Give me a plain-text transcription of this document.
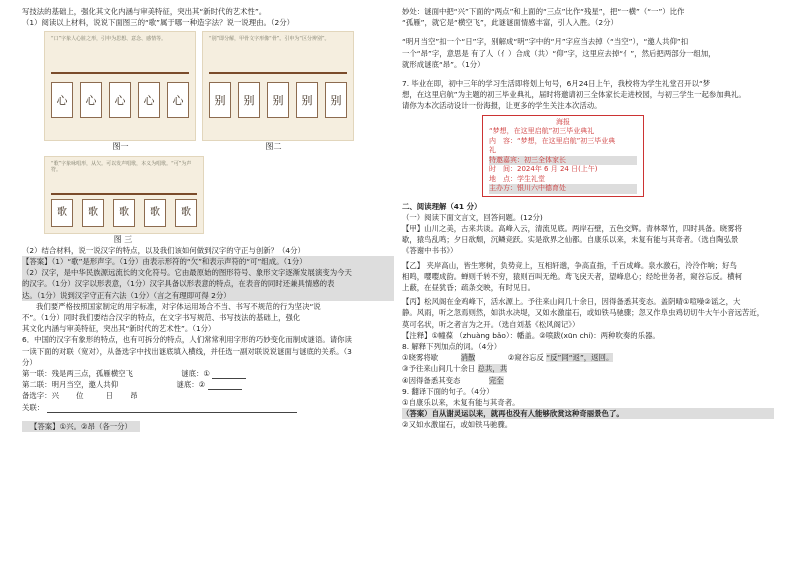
写技法的基础上，强化其文化内涵与审美特征，突出其“新时代的艺术性”。

（1）阅读以上材料，说说下面图三的“歌”属于哪一种造字法？说一说理由。（2分）

“口”字象人心脏之形，引申为思想、意念、感情等。
心	心	心	心	心
“别”即分解，甲骨文字形像“骨”。引申为“区分辨别”。
别	别	别	别	别
图一	图二
“歌”字象咏唱形，从欠。可以发声唱歌，本义为唱歌。“可”为声符。
歌	歌	歌	歌	歌
图 三

（2）结合材料，说一说汉字的特点，以及我们该如何做到汉字的守正与创新？（4分）

【答案】（1）“歌”是形声字。（1分）由表示形符的“欠”和表示声符的“可”组成。（1分）

（2）汉字，是中华民族源远流长的文化符号。它由最原始的图形符号、象形文字逐渐发展演变为今天

的汉字。（1分）汉字以形表意，（1分）汉字具备以形表意的特点，在表音的同时还兼具情感的表

达。（1分）说到汉字守正有六法（1分）（言之有理即可得 2分）

我们要严格按照国家制定的用字标准，对字体运用场合不当、书写不规范的行为坚决“说

不”。（1分）同时我们要结合汉字的特点，在文字书写规范、书写技法的基础上，强化

其文化内涵与审美特征，突出其“新时代的艺术性”。（1分）

6．中国的汉字有象形的特点，也有可拆分的特点，人们常常利用字形的巧妙变化而制成谜语。请你读

一读下面的对联（宽对），从备选字中找出谜底填入横线，并任选一副对联说说谜面与谜底的关系。（3

分）

第一联：残是两三点，孤雁横空飞	谜底：①

第二联：明月当空，邀人共仰	谜底：②

备选字：兴　　 位　　　日　　 昂

关联：

【答案】①兴。②昂（各一分）

妙处：谜面中把“兴”下面的“两点”和上面的“三点”比作“残星”，把“一横”（“一”）比作

“孤雁”，就它是“横空飞”，此谜谜面情感丰富，引人入胜。（2分）

“明月当空”扣一个“日”字，别解成“明”字中的“月”字应当去掉（“当空”），“邀人共仰”扣

一个“昂”字，意思是 有了人（亻）合成（共）“仰”字，这里应去掉“亻”，然后把两部分一组加，

就形成谜底“昂”。（1分）

7. 毕业在即，初中三年的学习生活即将划上句号，6月24日上午，我校将为学生礼堂召开以“梦

想，在这里启航”为主题的初三毕业典礼，届时将邀请初三全体家长走进校园，与初三学生一起参加典礼。

请你为本次活动设计一份海报，让更多的学生关注本次活动。

海报
“梦想，在这里启航”初三毕业典礼
内　容：“梦想，在这里启航”初三毕业典
礼
特邀嘉宾：初三全体家长
时　间：2024年 6 月 24 日(上午)
地　点：学生礼堂
主办方：银川六中德育处

二、阅读理解（41 分）

（一）阅读下面文言文，回答问题。(12分)

【甲】山川之美，古来共谈。高峰入云，清流见底。两岸石壁，五色交辉。青林翠竹，四时具备。晓雾将

歇，猿鸟乱鸣；夕日欲颓，沉鳞竞跃。实是欲界之仙都。自康乐以来，未复有能与其奇者。（选自陶弘景

《答谢中书书》）

【乙】 夹岸高山，皆生寒树，负势竞上，互相轩邈，争高直指，千百成峰。泉水激石，泠泠作响；好鸟

相鸣，嘤嘤成韵。蝉则千转不穷，猿则百叫无绝。鸢飞戾天者，望峰息心；经纶世务者，窥谷忘反。横柯

上蔽，在昼犹昏；疏条交映，有时见日。

【丙】松风阁在金鸡峰下，活水源上。予往来山间几十余日，因得备悉其变态。盖阴晴①喧噪②谣之，大

静。风雨，听之忽焉则然，如洪水决堤，又如水激崖石，或如铁马驰骤；忽又作阜虫鸡切切牛大午小音远苦近，

莫可名状，听之者言为之开。（选自刘基《松风阁记》）

【注释】①幢葆 （zhuàng bǎo）：幡盖。②喷跋(xūn chí)：两种吹奏的乐器。

8. 解释下列加点的词。（4分）

①晓雾将歇	消散	②窥谷忘反 “反”同“返”，返回。

③予往来山间几十余日 总共，共

④因得备悉其变态	完全

9. 翻译下面的句子。（4分）

①自康乐以来，未复有能与其奇者。

（答案）自从谢灵运以来，就再也没有人能够欣赏这种奇丽景色了。

②又如水激崖石，或如铁马驰骤。
